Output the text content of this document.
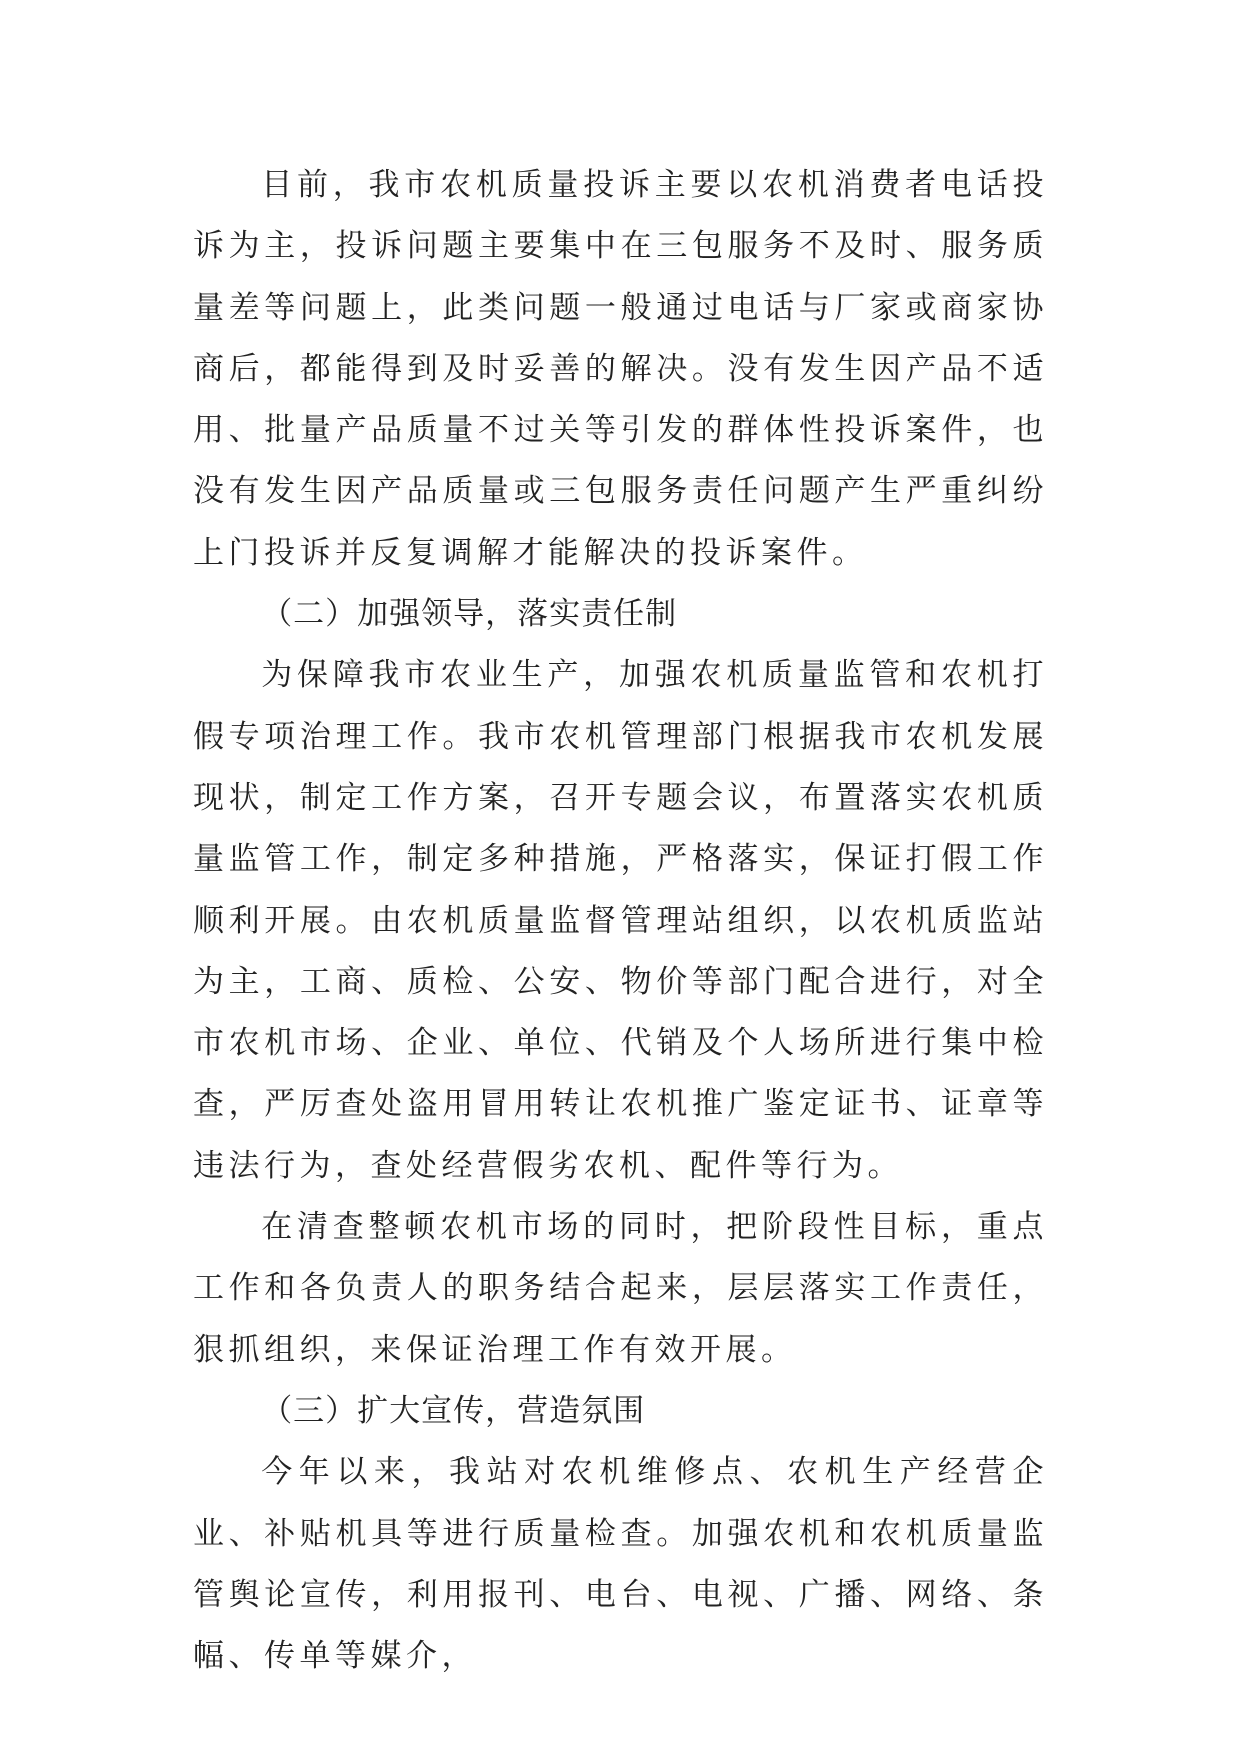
目前，我市农机质量投诉主要以农机消费者电话投诉为主，投诉问题主要集中在三包服务不及时、服务质量差等问题上，此类问题一般通过电话与厂家或商家协商后，都能得到及时妥善的解决。没有发生因产品不适用、批量产品质量不过关等引发的群体性投诉案件，也没有发生因产品质量或三包服务责任问题产生严重纠纷上门投诉并反复调解才能解决的投诉案件。

（二）加强领导，落实责任制

为保障我市农业生产，加强农机质量监管和农机打假专项治理工作。我市农机管理部门根据我市农机发展现状，制定工作方案，召开专题会议，布置落实农机质量监管工作，制定多种措施，严格落实，保证打假工作顺利开展。由农机质量监督管理站组织，以农机质监站为主，工商、质检、公安、物价等部门配合进行，对全市农机市场、企业、单位、代销及个人场所进行集中检查，严厉查处盗用冒用转让农机推广鉴定证书、证章等违法行为，查处经营假劣农机、配件等行为。

在清查整顿农机市场的同时，把阶段性目标，重点工作和各负责人的职务结合起来，层层落实工作责任，狠抓组织，来保证治理工作有效开展。

（三）扩大宣传，营造氛围

今年以来，我站对农机维修点、农机生产经营企业、补贴机具等进行质量检查。加强农机和农机质量监管舆论宣传，利用报刊、电台、电视、广播、网络、条幅、传单等媒介，
